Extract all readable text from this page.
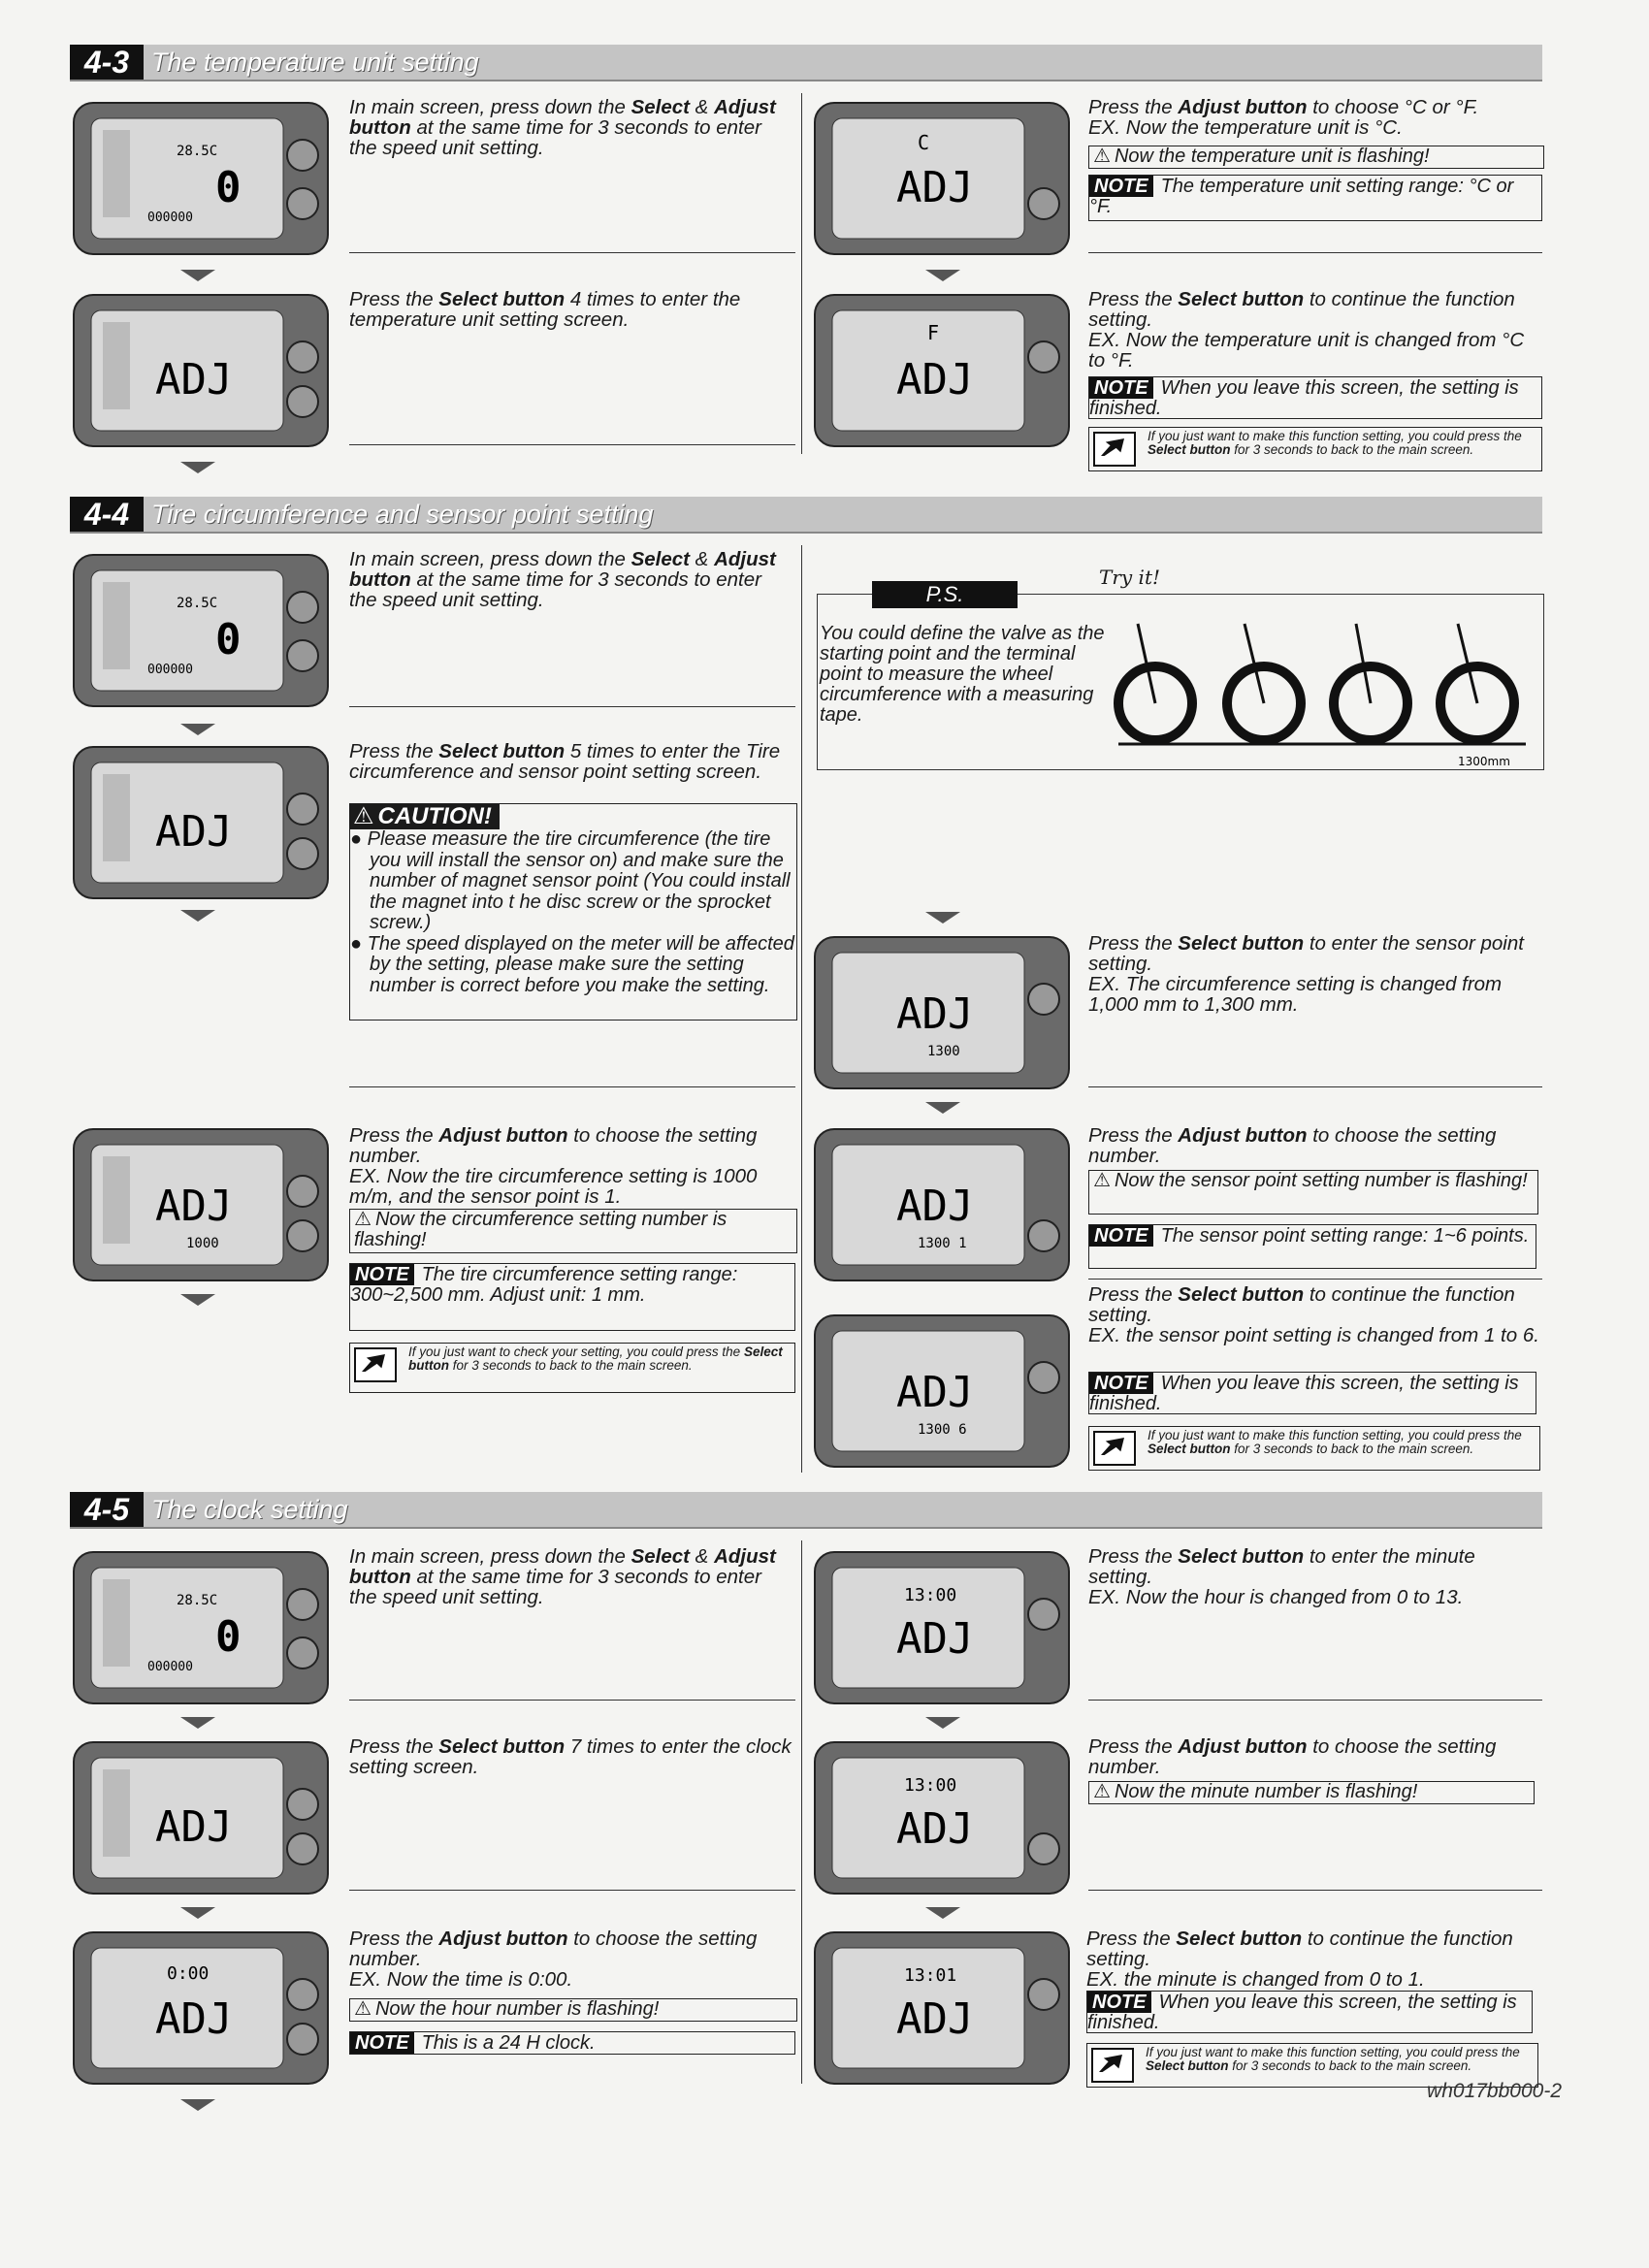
4-3 The temperature unit setting
28.5C
0
000000
In main screen, press down the Select & Adjust button at the same time for 3 seconds to enter the speed unit setting.
ADJ
Press the Select button 4 times to enter the temperature unit setting screen.
C
ADJ
Press the Adjust button to choose °C or °F.
EX. Now the temperature unit is °C.
⚠ Now the temperature unit is flashing!
NOTE The temperature unit setting range: °C or °F.
F
ADJ
Press the Select button to continue the function setting.
EX. Now the temperature unit is changed from °C to °F.
NOTE When you leave this screen, the setting is finished.
If you just want to make this function setting, you could press the Select button for 3 seconds to back to the main screen.
4-4 Tire circumference and sensor point setting
28.5C
0
000000
In main screen, press down the Select & Adjust button at the same time for 3 seconds to enter the speed unit setting.
ADJ
Press the Select button 5 times to enter the Tire circumference and sensor point setting screen.
⚠ CAUTION!
● Please measure the tire circumference (the tire you will install the sensor on) and make sure the number of magnet sensor point (You could install the magnet into t he disc screw or the sprocket screw.)
● The speed displayed on the meter will be affected by the setting, please make sure the setting number is correct before you make the setting.
P.S.
Try it!
You could define the valve as the starting point and the terminal point to measure the wheel circumference with a measuring tape.
1300mm
ADJ
1300
Press the Select button to enter the sensor point setting.
EX. The circumference setting is changed from 1,000 mm to 1,300 mm.
ADJ
1000
Press the Adjust button to choose the setting number.
EX. Now the tire circumference setting is 1000 m/m, and the sensor point is 1.
⚠ Now the circumference setting number is flashing!
NOTE The tire circumference setting range: 300~2,500 mm. Adjust unit: 1 mm.
If you just want to check your setting, you could press the Select button for 3 seconds to back to the main screen.
ADJ
1300 1
Press the Adjust button to choose the setting number.
⚠ Now the sensor point setting number is flashing!
NOTE The sensor point setting range: 1~6 points.
ADJ
1300 6
Press the Select button to continue the function setting.
EX. the sensor point setting is changed from 1 to 6.
NOTE When you leave this screen, the setting is finished.
If you just want to make this function setting, you could press the Select button for 3 seconds to back to the main screen.
4-5 The clock setting
28.5C
0
000000
In main screen, press down the Select & Adjust button at the same time for 3 seconds to enter the speed unit setting.
ADJ
Press the Select button 7 times to enter the clock setting screen.
0:00
ADJ
Press the Adjust button to choose the setting number.
EX. Now the time is 0:00.
⚠ Now the hour number is flashing!
NOTE This is a 24 H clock.
13:00
ADJ
Press the Select button to enter the minute setting.
EX. Now the hour is changed from 0 to 13.
13:00
ADJ
Press the Adjust button to choose the setting number.
⚠ Now the minute number is flashing!
13:01
ADJ
Press the Select button to continue the function setting.
EX. the minute is changed from 0 to 1.
NOTE When you leave this screen, the setting is finished.
If you just want to make this function setting, you could press the Select button for 3 seconds to back to the main screen.
wh017bb000-2
